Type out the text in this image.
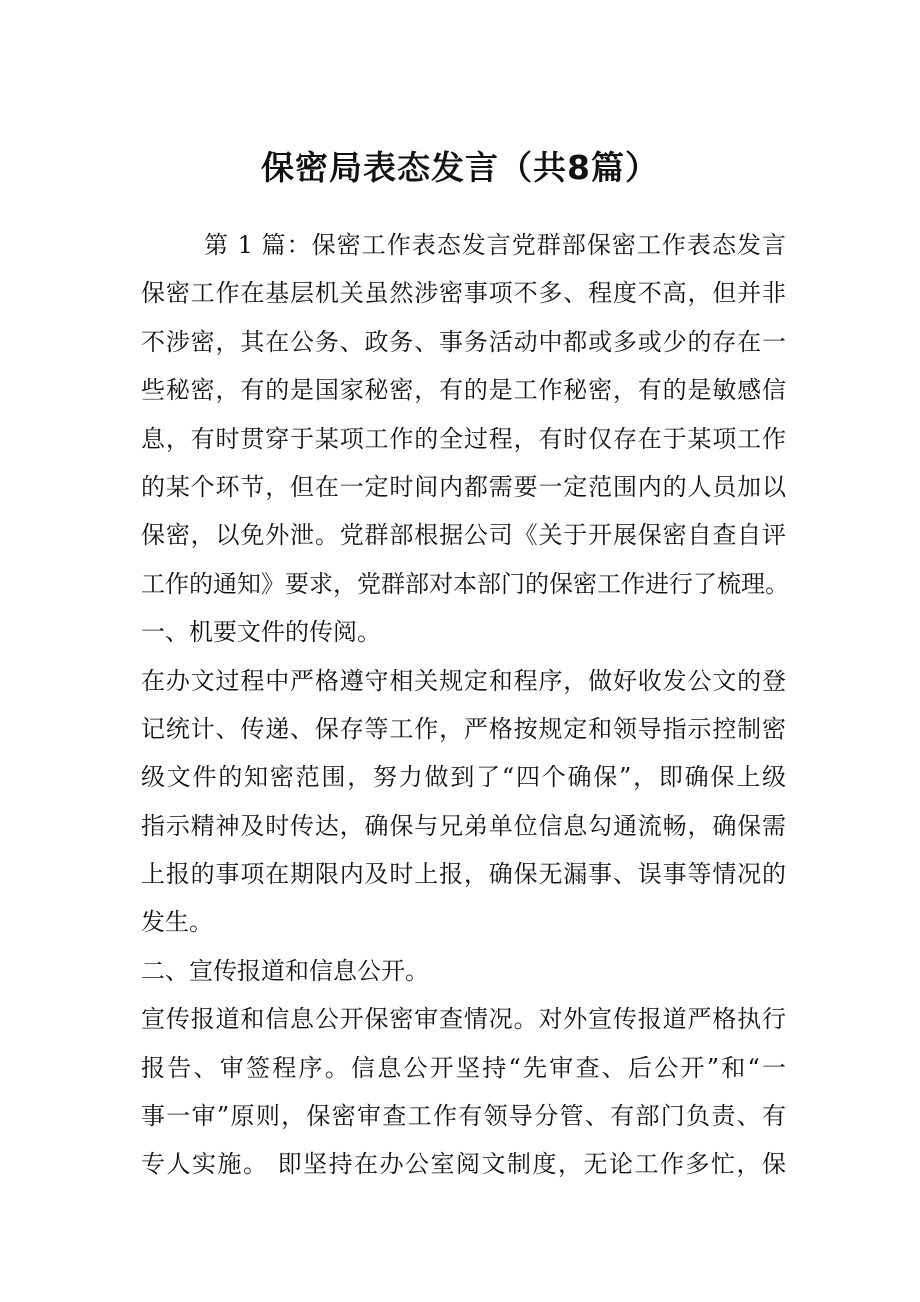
保密局表态发言（共8篇）
第 1 篇：保密工作表态发言党群部保密工作表态发言
保密工作在基层机关虽然涉密事项不多、程度不高，但并非
不涉密，其在公务、政务、事务活动中都或多或少的存在一
些秘密，有的是国家秘密，有的是工作秘密，有的是敏感信
息，有时贯穿于某项工作的全过程，有时仅存在于某项工作
的某个环节，但在一定时间内都需要一定范围内的人员加以
保密，以免外泄。党群部根据公司《关于开展保密自查自评
工作的通知》要求，党群部对本部门的保密工作进行了梳理。
一、机要文件的传阅。
在办文过程中严格遵守相关规定和程序，做好收发公文的登
记统计、传递、保存等工作，严格按规定和领导指示控制密
级文件的知密范围，努力做到了“四个确保”，即确保上级
指示精神及时传达，确保与兄弟单位信息勾通流畅，确保需
上报的事项在期限内及时上报，确保无漏事、误事等情况的
发生。
二、宣传报道和信息公开。
宣传报道和信息公开保密审查情况。对外宣传报道严格执行
报告、审签程序。信息公开坚持“先审查、后公开”和“一
事一审”原则，保密审查工作有领导分管、有部门负责、有
专人实施。 即坚持在办公室阅文制度，无论工作多忙，保
